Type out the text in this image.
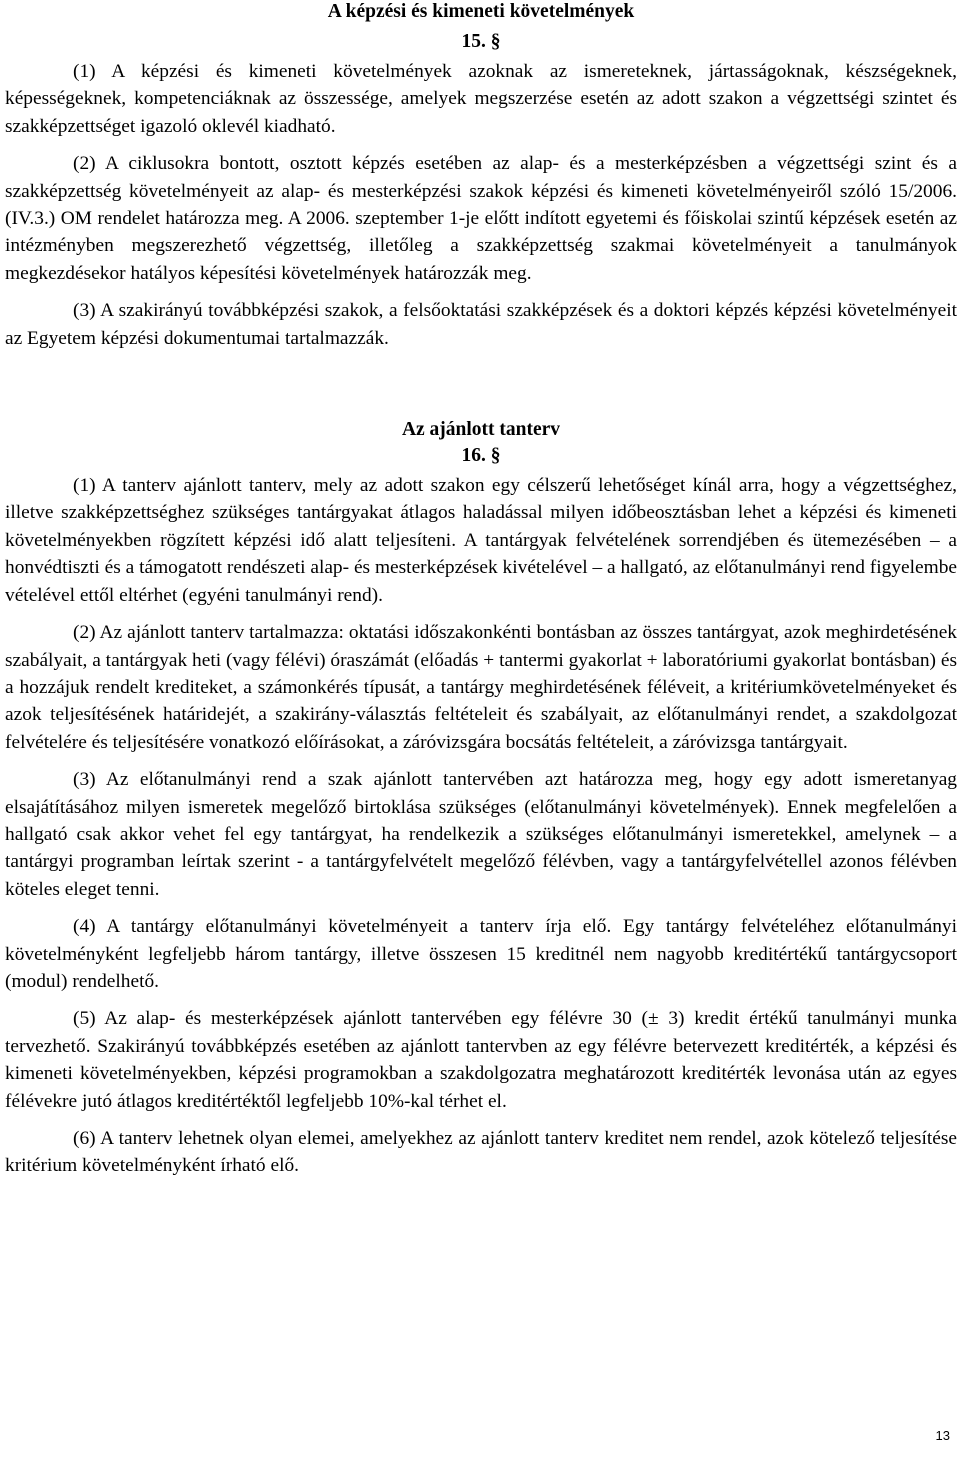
A képzési és kimeneti követelmények
15. §

(1) A képzési és kimeneti követelmények azoknak az ismereteknek, jártasságoknak, készségeknek, képességeknek, kompetenciáknak az összessége, amelyek megszerzése esetén az adott szakon a végzettségi szintet és szakképzettséget igazoló oklevél kiadható.

(2) A ciklusokra bontott, osztott képzés esetében az alap- és a mesterképzésben a végzettségi szint és a szakképzettség követelményeit az alap- és mesterképzési szakok képzési és kimeneti követelményeiről szóló 15/2006. (IV.3.) OM rendelet határozza meg. A 2006. szeptember 1-je előtt indított egyetemi és főiskolai szintű képzések esetén az intézményben megszerezhető végzettség, illetőleg a szakképzettség szakmai követelményeit a tanulmányok megkezdésekor hatályos képesítési követelmények határozzák meg.

(3) A szakirányú továbbképzési szakok, a felsőoktatási szakképzések és a doktori képzés képzési követelményeit az Egyetem képzési dokumentumai tartalmazzák.

Az ajánlott tanterv
16. §

(1) A tanterv ajánlott tanterv, mely az adott szakon egy célszerű lehetőséget kínál arra, hogy a végzettséghez, illetve szakképzettséghez szükséges tantárgyakat átlagos haladással milyen időbeosztásban lehet a képzési és kimeneti követelményekben rögzített képzési idő alatt teljesíteni. A tantárgyak felvételének sorrendjében és ütemezésében – a honvédtiszti és a támogatott rendészeti alap- és mesterképzések kivételével – a hallgató, az előtanulmányi rend figyelembe vételével ettől eltérhet (egyéni tanulmányi rend).

(2) Az ajánlott tanterv tartalmazza: oktatási időszakonkénti bontásban az összes tantárgyat, azok meghirdetésének szabályait, a tantárgyak heti (vagy félévi) óraszámát (előadás + tantermi gyakorlat + laboratóriumi gyakorlat bontásban) és a hozzájuk rendelt krediteket, a számonkérés típusát, a tantárgy meghirdetésének féléveit, a kritériumkövetelményeket és azok teljesítésének határidejét, a szakirány-választás feltételeit és szabályait, az előtanulmányi rendet, a szakdolgozat felvételére és teljesítésére vonatkozó előírásokat, a záróvizsgára bocsátás feltételeit, a záróvizsga tantárgyait.

(3) Az előtanulmányi rend a szak ajánlott tantervében azt határozza meg, hogy egy adott ismeretanyag elsajátításához milyen ismeretek megelőző birtoklása szükséges (előtanulmányi követelmények). Ennek megfelelően a hallgató csak akkor vehet fel egy tantárgyat, ha rendelkezik a szükséges előtanulmányi ismeretekkel, amelynek – a tantárgyi programban leírtak szerint - a tantárgyfelvételt megelőző félévben, vagy a tantárgyfelvétellel azonos félévben köteles eleget tenni.

(4) A tantárgy előtanulmányi követelményeit a tanterv írja elő. Egy tantárgy felvételéhez előtanulmányi követelményként legfeljebb három tantárgy, illetve összesen 15 kreditnél nem nagyobb kreditértékű tantárgycsoport (modul) rendelhető.

(5) Az alap- és mesterképzések ajánlott tantervében egy félévre 30 (± 3) kredit értékű tanulmányi munka tervezhető. Szakirányú továbbképzés esetében az ajánlott tantervben az egy félévre betervezett kreditérték, a képzési és kimeneti követelményekben, képzési programokban a szakdolgozatra meghatározott kreditérték levonása után az egyes félévekre jutó átlagos kreditértéktől legfeljebb 10%-kal térhet el.

(6) A tanterv lehetnek olyan elemei, amelyekhez az ajánlott tanterv kreditet nem rendel, azok kötelező teljesítése kritérium követelményként írható elő.

13
